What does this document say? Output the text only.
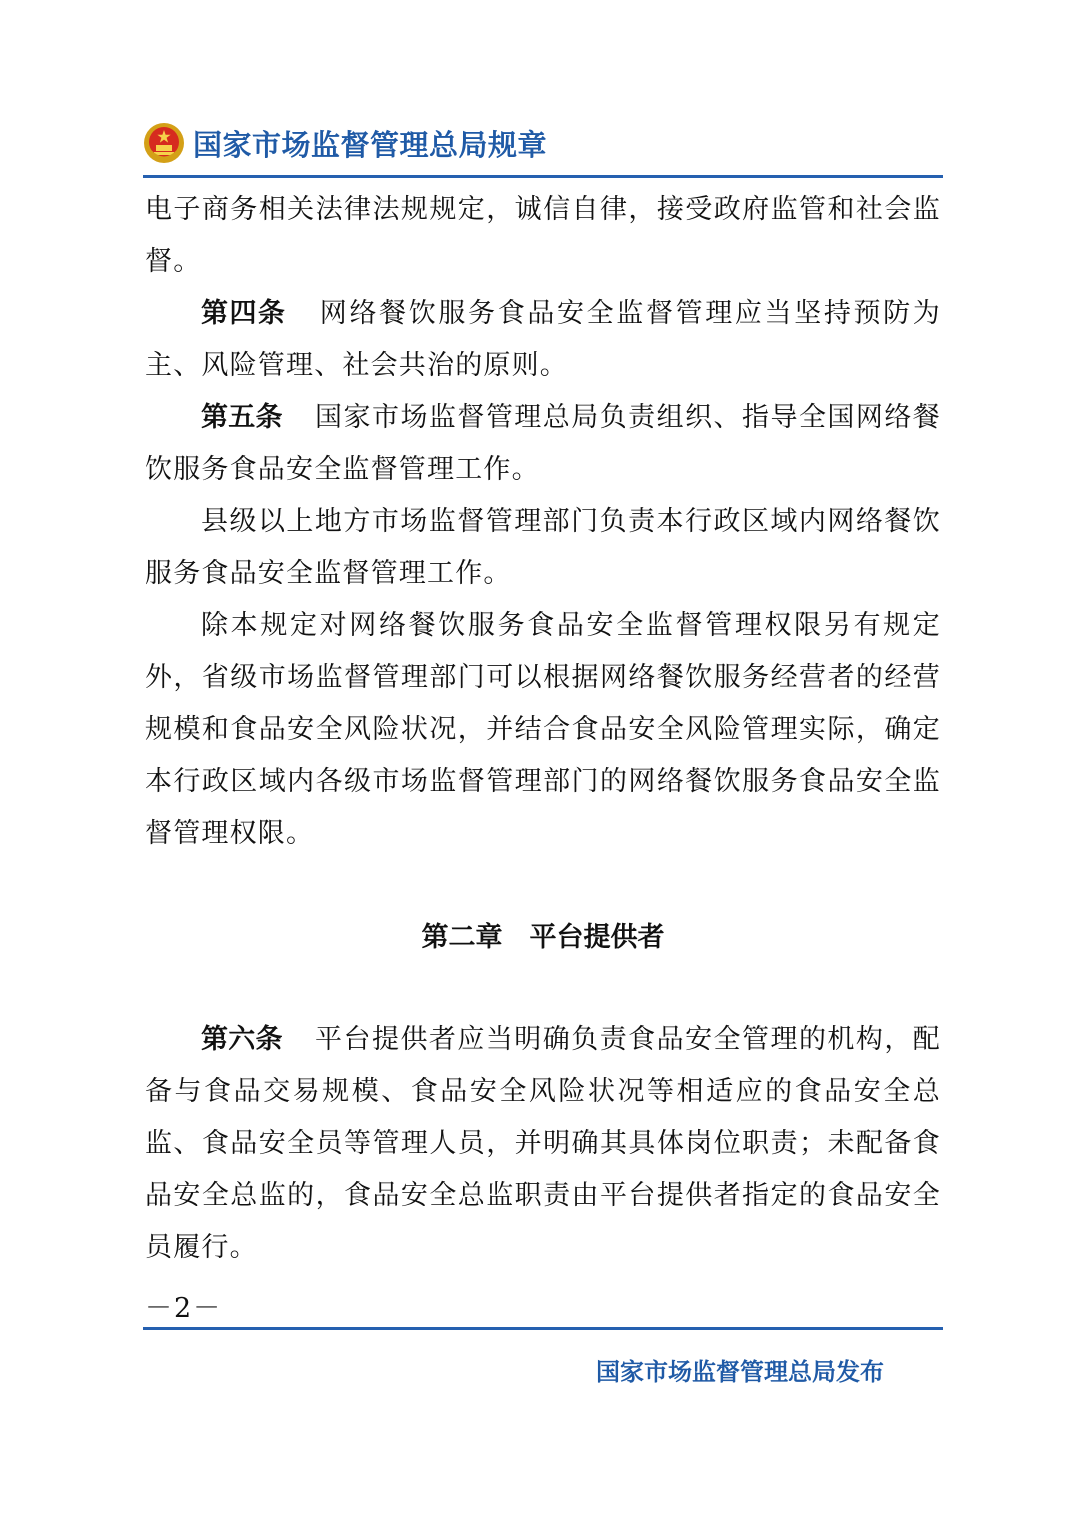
国家市场监督管理总局规章

电子商务相关法律法规规定，诚信自律，接受政府监管和社会监督。

第四条 网络餐饮服务食品安全监督管理应当坚持预防为主、风险管理、社会共治的原则。

第五条 国家市场监督管理总局负责组织、指导全国网络餐饮服务食品安全监督管理工作。

县级以上地方市场监督管理部门负责本行政区域内网络餐饮服务食品安全监督管理工作。

除本规定对网络餐饮服务食品安全监督管理权限另有规定外，省级市场监督管理部门可以根据网络餐饮服务经营者的经营规模和食品安全风险状况，并结合食品安全风险管理实际，确定本行政区域内各级市场监督管理部门的网络餐饮服务食品安全监督管理权限。

第二章　平台提供者

第六条 平台提供者应当明确负责食品安全管理的机构，配备与食品交易规模、食品安全风险状况等相适应的食品安全总监、食品安全员等管理人员，并明确其具体岗位职责；未配备食品安全总监的，食品安全总监职责由平台提供者指定的食品安全员履行。

－2－
国家市场监督管理总局发布
